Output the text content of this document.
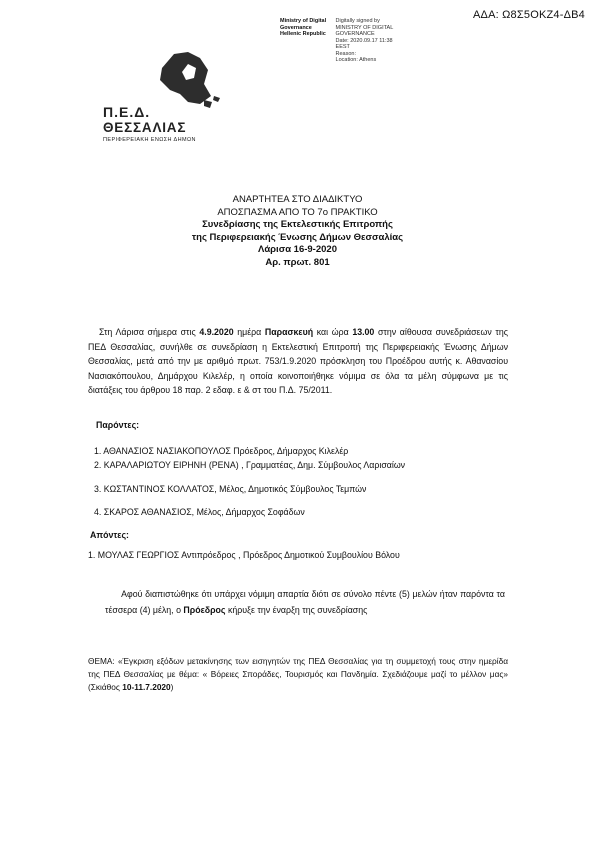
ΑΔΑ: Ω8Σ5ΟΚΖ4-ΔΒ4
Ministry of Digital
Governance
Hellenic Republic

Digitally signed by
MINISTRY OF DIGITAL
GOVERNANCE
Date: 2020.09.17 11:38
EEST
Reason:
Location: Athens
Π.Ε.Δ.
ΘΕΣΣΑΛΙΑΣ
ΠΕΡΙΦΕΡΕΙΑΚΗ ΕΝΩΣΗ ΔΗΜΩΝ
ΑΝΑΡΤΗΤΕΑ ΣΤΟ ΔΙΑΔΙΚΤΥΟ
ΑΠΟΣΠΑΣΜΑ ΑΠΟ ΤΟ 7ο ΠΡΑΚΤΙΚΟ
Συνεδρίασης της Εκτελεστικής Επιτροπής
της Περιφερειακής Ένωσης Δήμων Θεσσαλίας
Λάρισα 16-9-2020
Αρ. πρωτ. 801
Στη Λάρισα σήμερα στις 4.9.2020 ημέρα Παρασκευή και ώρα 13.00 στην αίθουσα συνεδριάσεων της ΠΕΔ Θεσσαλίας, συνήλθε σε συνεδρίαση η Εκτελεστική Επιτροπή της Περιφερειακής Ένωσης Δήμων Θεσσαλίας, μετά από την με αριθμό πρωτ. 753/1.9.2020 πρόσκληση του Προέδρου αυτής κ. Αθανασίου Νασιακόπουλου, Δημάρχου Κιλελέρ, η οποία κοινοποιήθηκε νόμιμα σε όλα τα μέλη σύμφωνα με τις διατάξεις του άρθρου 18 παρ. 2 εδαφ. ε & στ του Π.Δ. 75/2011.
Παρόντες:
1. ΑΘΑΝΑΣΙΟΣ ΝΑΣΙΑΚΟΠΟΥΛΟΣ Πρόεδρος, Δήμαρχος Κιλελέρ
2. ΚΑΡΑΛΑΡΙΩΤΟΥ ΕΙΡΗΝΗ (ΡΕΝΑ) , Γραμματέας, Δημ. Σύμβουλος Λαρισαίων
3. ΚΩΣΤΑΝΤΙΝΟΣ ΚΟΛΛΑΤΟΣ, Μέλος, Δημοτικός Σύμβουλος Τεμπών
4. ΣΚΑΡΟΣ ΑΘΑΝΑΣΙΟΣ, Μέλος, Δήμαρχος Σοφάδων
Απόντες:
1. ΜΟΥΛΑΣ ΓΕΩΡΓΙΟΣ Αντιπρόεδρος , Πρόεδρος Δημοτικού Συμβουλίου Βόλου
Αφού διαπιστώθηκε ότι υπάρχει νόμιμη απαρτία διότι σε σύνολο πέντε (5) μελών ήταν παρόντα τα τέσσερα (4) μέλη, ο Πρόεδρος κήρυξε την έναρξη της συνεδρίασης
ΘΕΜΑ: «Έγκριση εξόδων μετακίνησης των εισηγητών της ΠΕΔ Θεσσαλίας για τη συμμετοχή τους στην ημερίδα της ΠΕΔ Θεσσαλίας με θέμα: « Βόρειες Σποράδες, Τουρισμός και Πανδημία. Σχεδιάζουμε μαζί το μέλλον μας» (Σκιάθος 10-11.7.2020)
